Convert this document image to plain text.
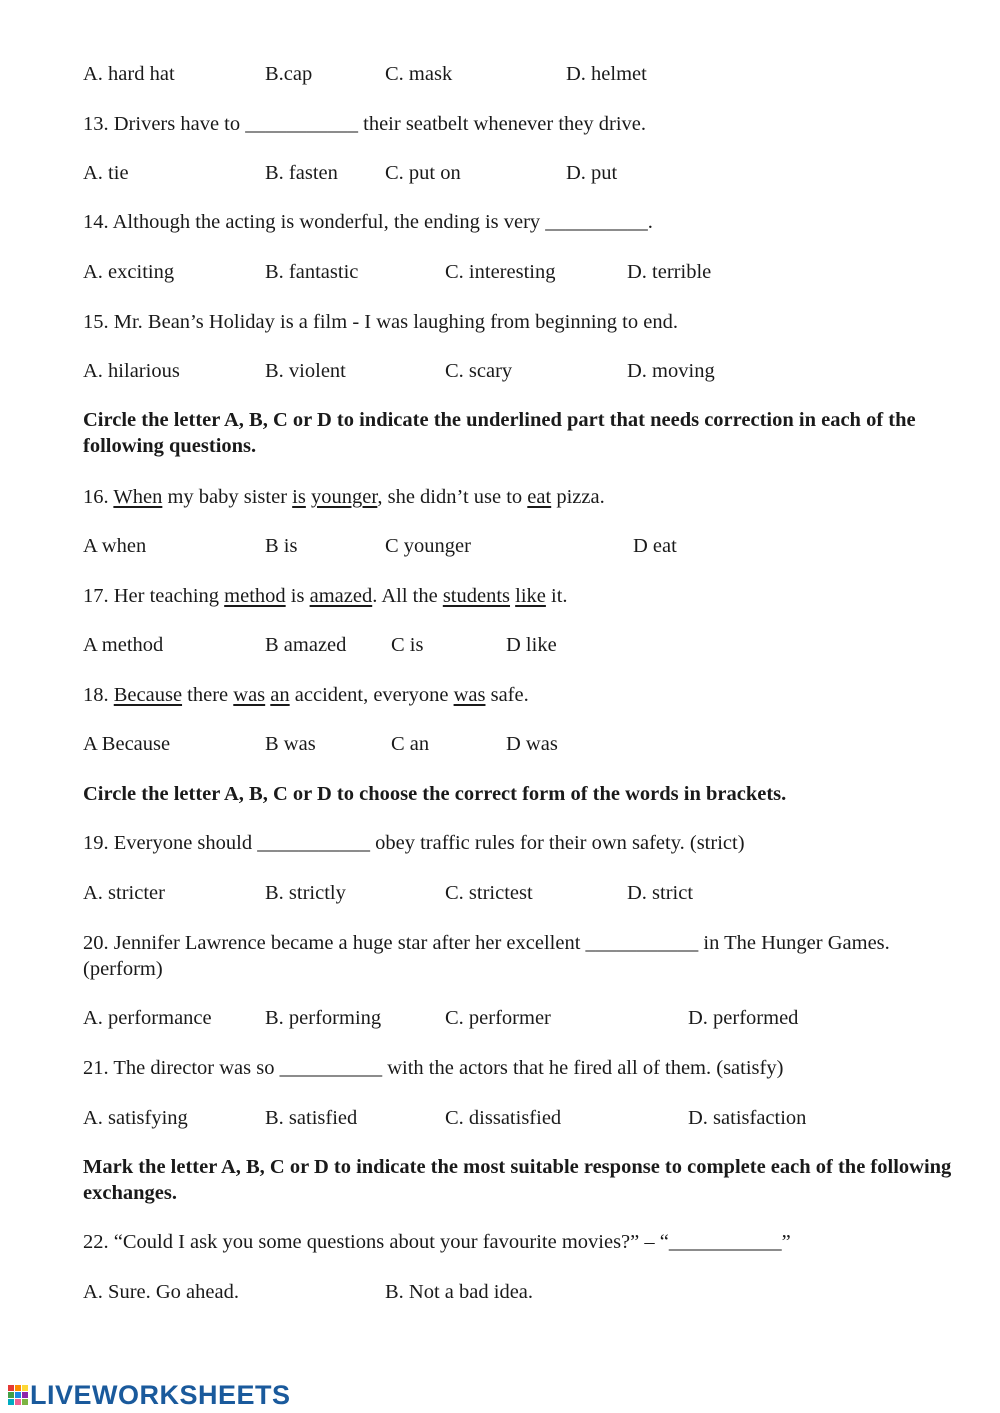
A. hard hat	B.cap	C. mask	D. helmet
13. Drivers have to ___________ their seatbelt whenever they drive.
A. tie	B. fasten C. put on	D. put
14. Although the acting is wonderful, the ending is very __________.
A. exciting	B. fantastic	C. interesting	D. terrible
15. Mr. Bean’s Holiday is a film - I was laughing from beginning to end.
A. hilarious	B. violent	C. scary	D. moving
Circle the letter A, B, C or D to indicate the underlined part that needs correction in each of the following questions.
16. When my baby sister is younger, she didn’t use to eat pizza.
A when	B is	C younger	D eat
17. Her teaching method is amazed. All the students like it.
A method	B amazed C is	D like
18. Because there was an accident, everyone was safe.
A Because	B was	C an	D was
Circle the letter A, B, C or D to choose the correct form of the words in brackets.
19. Everyone should ___________ obey traffic rules for their own safety. (strict)
A. stricter	B. strictly	C. strictest	D. strict
20. Jennifer Lawrence became a huge star after her excellent ___________ in The Hunger Games. (perform)
A. performance	B. performing	C. performer	D. performed
21. The director was so __________ with the actors that he fired all of them. (satisfy)
A. satisfying	B. satisfied	C. dissatisfied	D. satisfaction
Mark the letter A, B, C or D to indicate the most suitable response to complete each of the following exchanges.
22. “Could I ask you some questions about your favourite movies?” – “___________”
A. Sure. Go ahead.	B. Not a bad idea.
LIVEWORKSHEETS
